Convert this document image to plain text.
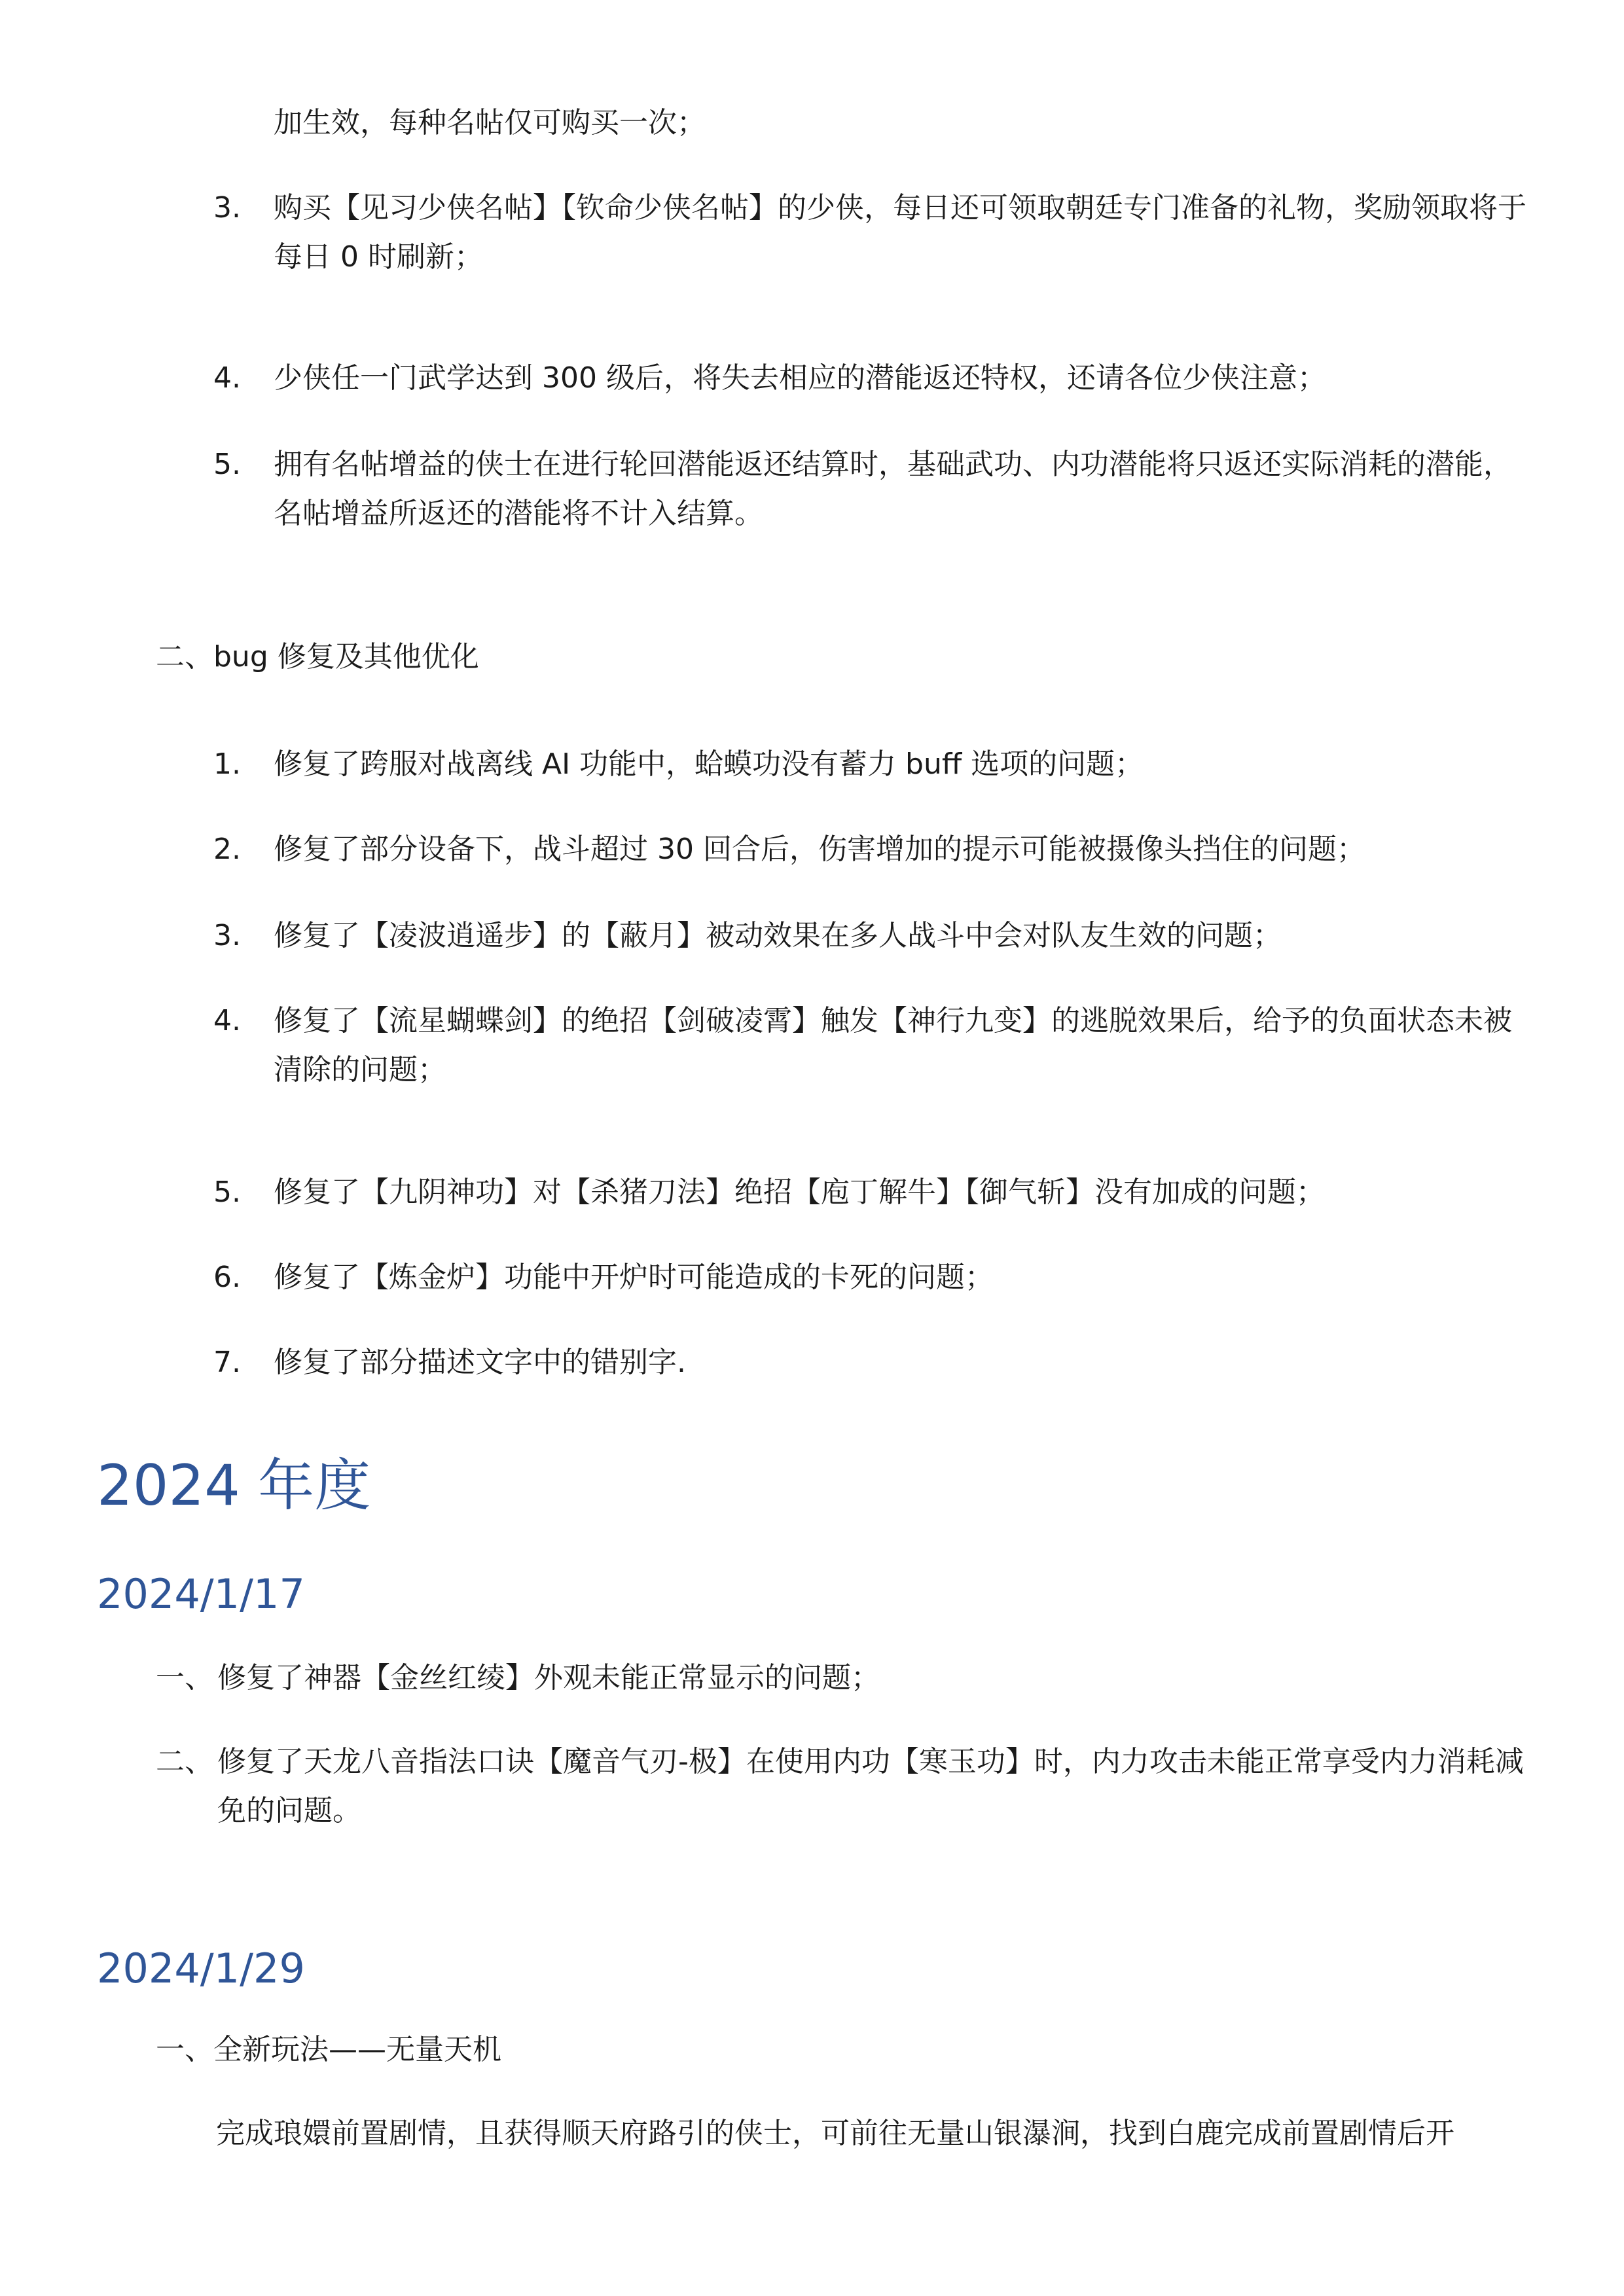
加生效，每种名帖仅可购买一次；

3.	购买【见习少侠名帖】【钦命少侠名帖】的少侠，每日还可领取朝廷专门准备的礼物，奖励领取将于每日 0 时刷新；
4.	少侠任一门武学达到 300 级后，将失去相应的潜能返还特权，还请各位少侠注意；
5.	拥有名帖增益的侠士在进行轮回潜能返还结算时，基础武功、内功潜能将只返还实际消耗的潜能，名帖增益所返还的潜能将不计入结算。

二、bug 修复及其他优化

1.	修复了跨服对战离线 AI 功能中，蛤蟆功没有蓄力 buff 选项的问题；
2.	修复了部分设备下，战斗超过 30 回合后，伤害增加的提示可能被摄像头挡住的问题；
3.	修复了【凌波逍遥步】的【蔽月】被动效果在多人战斗中会对队友生效的问题；
4.	修复了【流星蝴蝶剑】的绝招【剑破凌霄】触发【神行九变】的逃脱效果后，给予的负面状态未被清除的问题；
5.	修复了【九阴神功】对【杀猪刀法】绝招【庖丁解牛】【御气斩】没有加成的问题；
6.	修复了【炼金炉】功能中开炉时可能造成的卡死的问题；
7.	修复了部分描述文字中的错别字.
2024 年度
2024/1/17
一、 修复了神器【金丝红绫】外观未能正常显示的问题；
二、 修复了天龙八音指法口诀【魔音气刃-极】在使用内功【寒玉功】时，内力攻击未能正常享受内力消耗减免的问题。
2024/1/29

一、全新玩法——无量天机

完成琅嬛前置剧情，且获得顺天府路引的侠士，可前往无量山银瀑涧，找到白鹿完成前置剧情后开
